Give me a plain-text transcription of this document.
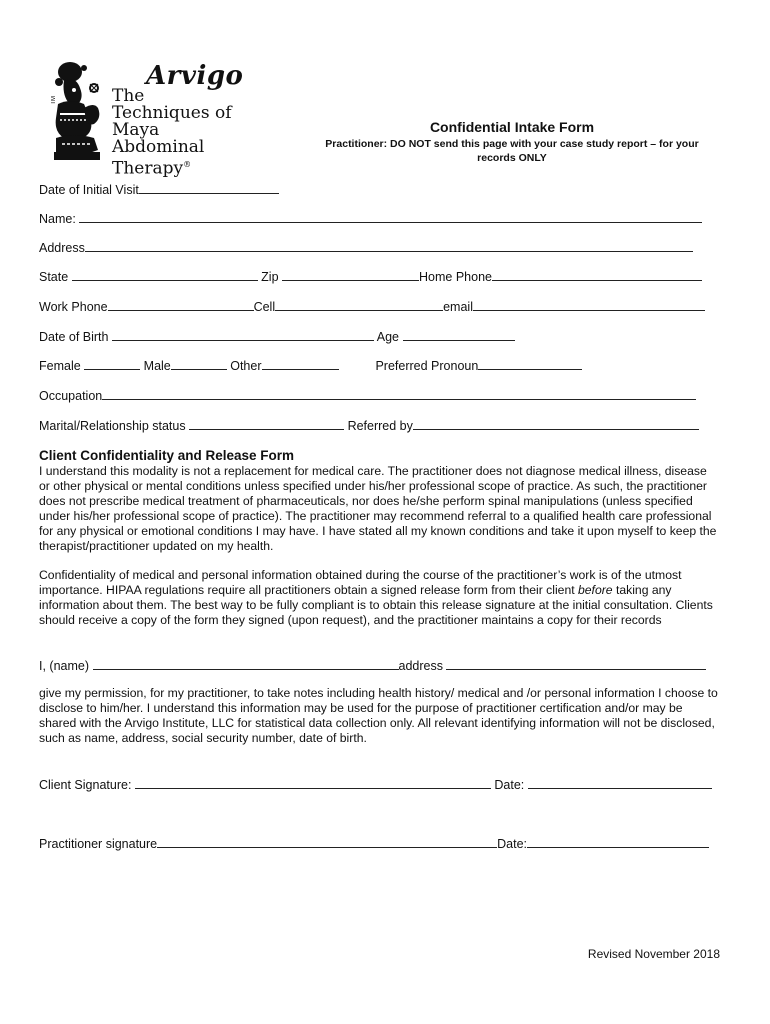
TM	The
Arvigo
Techniques of Maya
Abdominal Therapy®
Confidential Intake Form
Practitioner: DO NOT send this page with your case study report – for your records ONLY
Date of Initial Visit
Name:
Address
State	Zip	Home Phone
Work Phone	Cell	email
Date of Birth	Age
Female	Male	Other	Preferred Pronoun
Occupation
Marital/Relationship status	Referred by
Client Confidentiality and Release Form

I understand this modality is not a replacement for medical care. The practitioner does not diagnose medical illness, disease or other physical or mental conditions unless specified under his/her professional scope of practice. As such, the practitioner does not prescribe medical treatment of pharmaceuticals, nor does he/she perform spinal manipulations (unless specified under his/her professional scope of practice). The practitioner may recommend referral to a qualified health care professional for any physical or emotional conditions I may have. I have stated all my known conditions and take it upon myself to keep the therapist/practitioner updated on my health.

Confidentiality of medical and personal information obtained during the course of the practitioner’s work is of the utmost importance. HIPAA regulations require all practitioners obtain a signed release form from their client before taking any information about them. The best way to be fully compliant is to obtain this release signature at the initial consultation. Clients should receive a copy of the form they signed (upon request), and the practitioner maintains a copy for their records

I, (name)	address

give my permission, for my practitioner, to take notes including health history/ medical and /or personal information I choose to disclose to him/her. I understand this information may be used for the purpose of practitioner certification and/or may be shared with the Arvigo Institute, LLC for statistical data collection only. All relevant identifying information will not be disclosed, such as name, address, social security number, date of birth.

Client Signature:	Date:
Practitioner signature	Date:
Revised November 2018
